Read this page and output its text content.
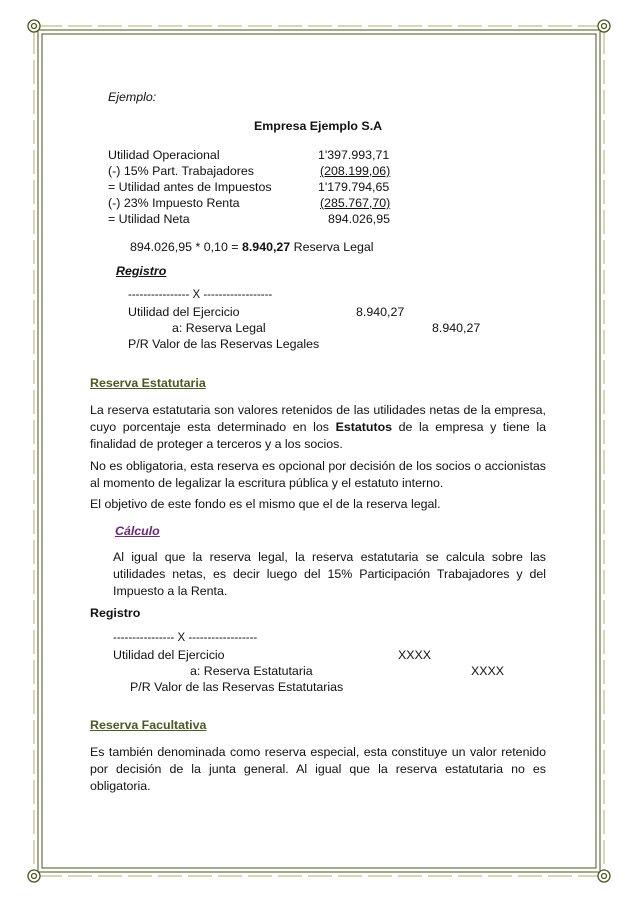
Ejemplo:
Empresa Ejemplo S.A
Utilidad Operacional	1'397.993,71
(-) 15% Part. Trabajadores	(208.199,06)
= Utilidad antes de Impuestos	1'179.794,65
(-) 23% Impuesto Renta	(285.767,70)
= Utilidad Neta	894.026,95
894.026,95 * 0,10 = 8.940,27 Reserva Legal
Registro
---------------- X ------------------
Utilidad del Ejercicio	8.940,27
a: Reserva Legal	8.940,27
P/R Valor de las Reservas Legales
Reserva Estatutaria
La reserva estatutaria son valores retenidos de las utilidades netas de la empresa, cuyo porcentaje esta determinado en los Estatutos de la empresa y tiene la finalidad de proteger a terceros y a los socios.
No es obligatoria, esta reserva es opcional por decisión de los socios o accionistas al momento de legalizar la escritura pública y el estatuto interno.
El objetivo de este fondo es el mismo que el de la reserva legal.
Cálculo
Al igual que la reserva legal, la reserva estatutaria se calcula sobre las utilidades netas, es decir luego del 15% Participación Trabajadores y del Impuesto a la Renta.
Registro
---------------- X ------------------
Utilidad del Ejercicio	XXXX
a: Reserva Estatutaria	XXXX
P/R Valor de las Reservas Estatutarias
Reserva Facultativa
Es también denominada como reserva especial, esta constituye un valor retenido por decisión de la junta general. Al igual que la reserva estatutaria no es obligatoria.
